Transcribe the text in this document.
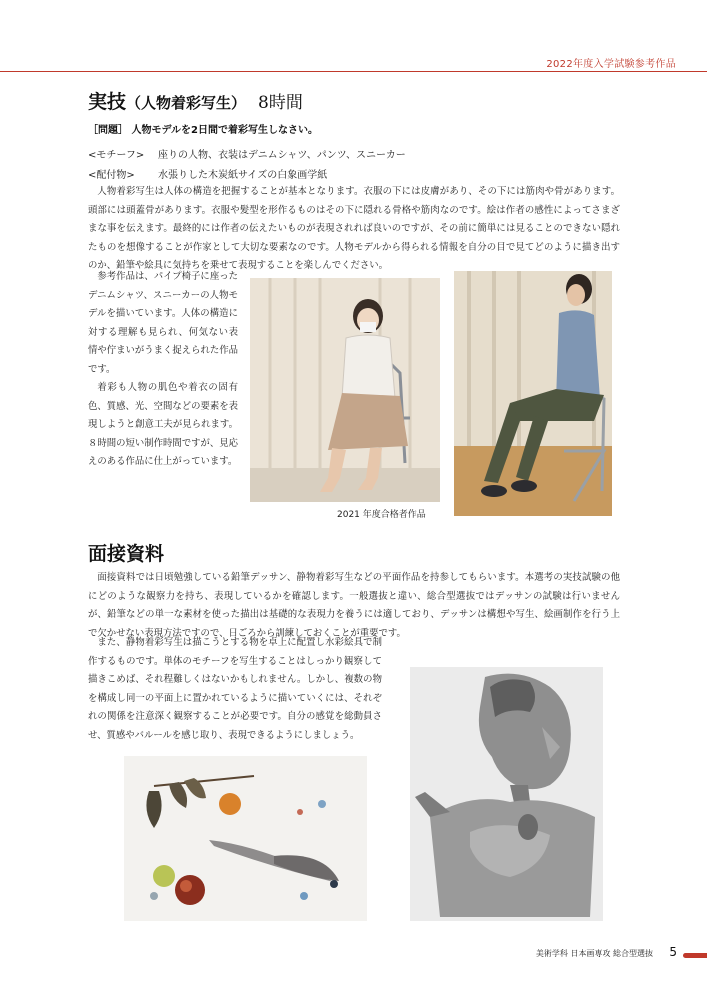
2022年度入学試験参考作品
実技（人物着彩写生） 8時間
［問題］ 人物モデルを2日間で着彩写生しなさい。
<モチーフ> 座りの人物、衣装はデニムシャツ、パンツ、スニーカー
<配付物> 水張りした木炭紙サイズの白象画学紙

人物着彩写生は人体の構造を把握することが基本となります。衣服の下には皮膚があり、その下には筋肉や骨があります。頭部には頭蓋骨があります。衣服や髪型を形作るものはその下に隠れる骨格や筋肉なのです。絵は作者の感性によってさまざまな事を伝えます。最終的には作者の伝えたいものが表現されれば良いのですが、その前に簡単には見ることのできない隠れたものを想像することが作家として大切な要素なのです。人物モデルから得られる情報を自分の目で見てどのように描き出すのか、鉛筆や絵具に気持ちを乗せて表現することを楽しんでください。

参考作品は、パイプ椅子に座ったデニムシャツ、スニーカーの人物モデルを描いています。人体の構造に対する理解も見られ、何気ない表情や佇まいがうまく捉えられた作品です。

着彩も人物の肌色や着衣の固有色、質感、光、空間などの要素を表現しようと創意工夫が見られます。８時間の短い制作時間ですが、見応えのある作品に仕上がっています。

2021 年度合格者作品
面接資料

面接資料では日頃勉強している鉛筆デッサン、静物着彩写生などの平面作品を持参してもらいます。本選考の実技試験の他にどのような観察力を持ち、表現しているかを確認します。一般選抜と違い、総合型選抜ではデッサンの試験は行いませんが、鉛筆などの単一な素材を使った描出は基礎的な表現力を養うには適しており、デッサンは構想や写生、絵画制作を行う上で欠かせない表現方法ですので、日ごろから訓練しておくことが重要です。

また、静物着彩写生は描こうとする物を卓上に配置し水彩絵具で制作するものです。単体のモチーフを写生することはしっかり観察して描きこめば、それ程難しくはないかもしれません。しかし、複数の物を構成し同一の平面上に置かれているように描いていくには、それぞれの関係を注意深く観察することが必要です。自分の感覚を総動員させ、質感やバルールを感じ取り、表現できるようにしましょう。

美術学科 日本画専攻 総合型選抜 5
